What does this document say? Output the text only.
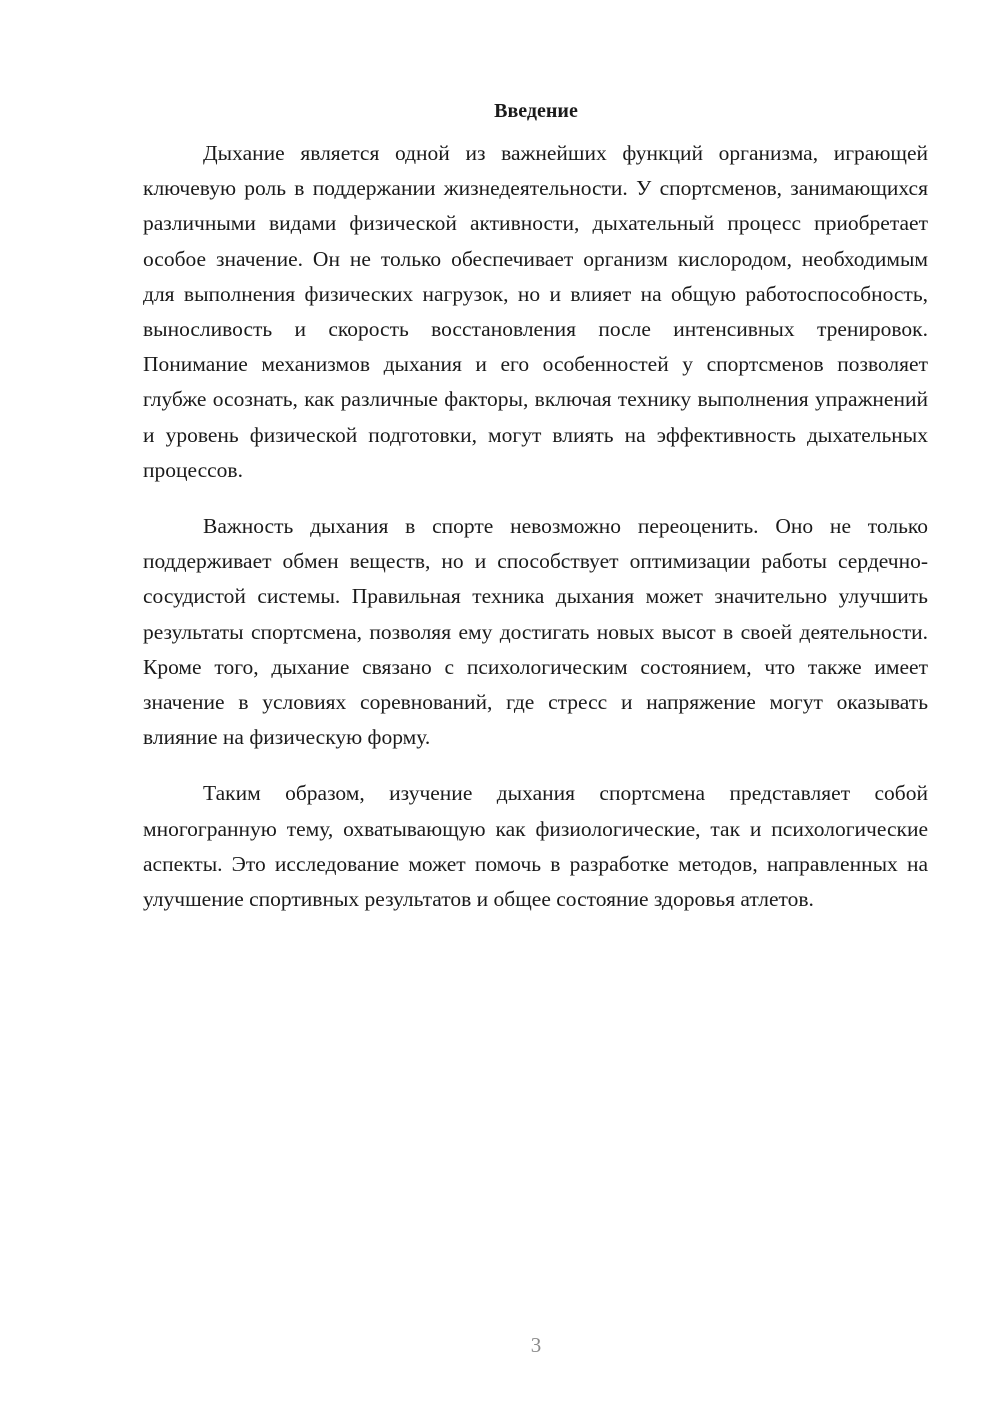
Введение

Дыхание является одной из важнейших функций организма, играющей ключевую роль в поддержании жизнедеятельности. У спортсменов, занимающихся различными видами физической активности, дыхательный процесс приобретает особое значение. Он не только обеспечивает организм кислородом, необходимым для выполнения физических нагрузок, но и влияет на общую работоспособность, выносливость и скорость восстановления после интенсивных тренировок. Понимание механизмов дыхания и его особенностей у спортсменов позволяет глубже осознать, как различные факторы, включая технику выполнения упражнений и уровень физической подготовки, могут влиять на эффективность дыхательных процессов.

Важность дыхания в спорте невозможно переоценить. Оно не только поддерживает обмен веществ, но и способствует оптимизации работы сердечно-сосудистой системы. Правильная техника дыхания может значительно улучшить результаты спортсмена, позволяя ему достигать новых высот в своей деятельности. Кроме того, дыхание связано с психологическим состоянием, что также имеет значение в условиях соревнований, где стресс и напряжение могут оказывать влияние на физическую форму.

Таким образом, изучение дыхания спортсмена представляет собой многогранную тему, охватывающую как физиологические, так и психологические аспекты. Это исследование может помочь в разработке методов, направленных на улучшение спортивных результатов и общее состояние здоровья атлетов.

3
